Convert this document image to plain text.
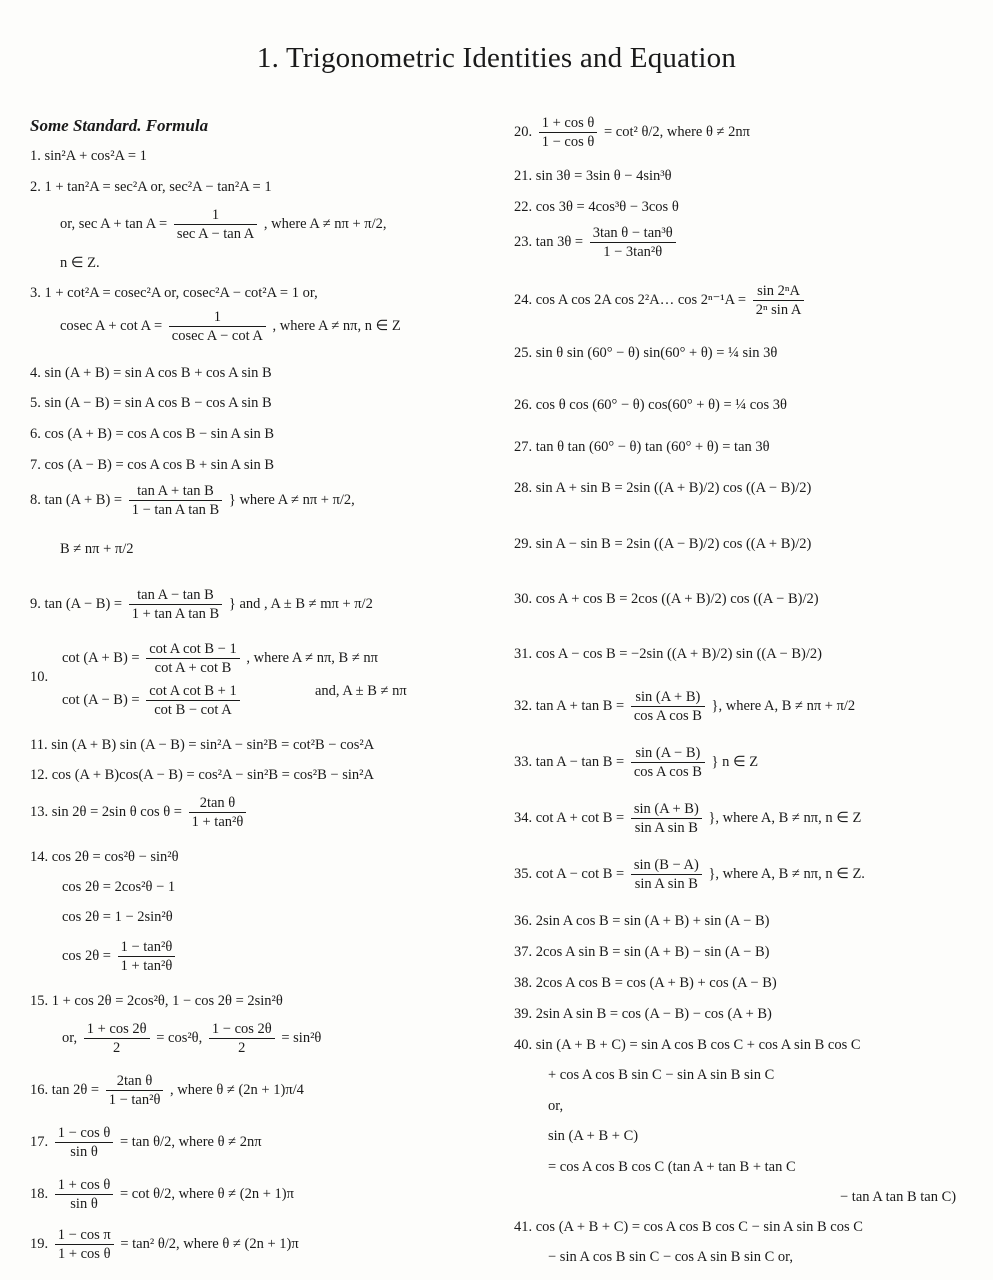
1. Trigonometric Identities and Equation
Some Standard. Formula
1. sin²A + cos²A = 1
2. 1 + tan²A = sec²A or, sec²A − tan²A = 1
or, sec A + tan A =
1
sec A − tan A
, where A ≠ nπ + π/2,
n ∈ Z.
3. 1 + cot²A = cosec²A or, cosec²A − cot²A = 1 or,
cosec $A + \cot A = \frac{1}{\text{cosec A − cot A}}$ , where A ≠ nπ, n ∈ Z
4. sin (A + B) = sin A cos B + cos A sin B
5. sin (A − B) = sin A cos B − cos A sin B
6. cos (A + B) = cos A cos B − sin A sin B
7. cos (A − B) = cos A cos B + sin A sin B
8. $\tan (A + B) = \frac{\text{tan A + tan B}}{\text{1 − tan A tan B}}$ } where A ≠ nπ + π/2,
B ≠ nπ + π/2
9. $\tan (A - B) = \frac{\text{tan A − tan B}}{\text{1 + tan A tan B}}$ } and , A ± B ≠ mπ + π/2
10.
$\cot (A + B) = \frac{\text{cot A cot B − 1}}{\text{cot A + cot B}}$ , where A ≠ nπ, B ≠ nπ
$\cot (A - B) = \frac{\text{cot A cot B + 1}}{\text{cot B − cot A}}$	and, A ± B ≠ nπ
11. sin (A + B) sin (A − B) = sin²A − sin²B = cot²B − cos²A
12. cos (A + B)cos(A − B) = cos²A − sin²B = cos²B − sin²A
13. sin 2θ = 2sin θ $\cos \theta = \frac{\text{2tan θ}}{\text{1 + tan²θ}}$
14. cos 2θ = cos²θ − sin²θ
cos 2θ = 2cos²θ − 1
cos 2θ = 1 − 2sin²θ
$\cos 2\theta = \frac{\text{1 − tan²θ}}{\text{1 + tan²θ}}$
15. 1 + cos 2θ = 2cos²θ, 1 − cos 2θ = 2sin²θ
or, $\frac{1 + \cos 2\theta}{2} = \cos^2\theta$, $\frac{1 - \cos 2\theta}{2} = \sin^2\theta$
16. $\tan 2\theta = \frac{\text{2tan θ}}{\text{1 − tan²θ}}$ , where θ ≠ (2n + 1)π/4
17. $\frac{\text{1 − cos θ}}{\text{sin θ}} = \tan \theta/2$, where θ ≠ 2nπ
18. $\frac{\text{1 + cos θ}}{\text{sin θ}} = \cot \theta/2$, where θ ≠ (2n + 1)π
19. $\frac{\text{1 − cos π}}{\text{1 + cos θ}} = \tan^2$ θ/2, where θ ≠ (2n + 1)π
20. $\frac{\text{1 + cos θ}}{\text{1 − cos θ}} = \cot^2$ θ/2, where θ ≠ 2nπ
21. sin 3θ = 3sin θ − 4sin³θ
22. cos 3θ = 4cos³θ − 3cos θ
23. $\tan 3\theta = \frac{\text{3tan θ − tan³θ}}{\text{1 − 3tan²θ}}$
24. cos A cos 2A cos 2²A… $\cos 2^{n-1}A = \frac{\text{sin 2ⁿA}}{\text{2ⁿ sin A}}$
25. sin θ sin (60° − θ) sin(60° + θ) = ¼ sin 3θ
26. cos θ cos (60° − θ) cos(60° + θ) = ¼ cos 3θ
27. tan θ tan (60° − θ) tan (60° + θ) = tan 3θ
28. sin A + sin B = 2sin ((A + B)/2) cos ((A − B)/2)
29. sin A − sin B = 2sin ((A − B)/2) cos ((A + B)/2)
30. cos A + cos B = 2cos ((A + B)/2) cos ((A − B)/2)
31. cos A − cos B = −2sin ((A + B)/2) sin ((A − B)/2)
32. $\tan A + \tan B = \frac{\sin (A + B)}{\text{cos A cos B}}$ }, where A, B ≠ nπ + π/2
33. $\tan A - \tan B = \frac{\sin (A - B)}{\text{cos A cos B}}$ } n ∈ Z
34. $\cot A + \cot B = \frac{\sin (A + B)}{\text{sin A sin B}}$ }, where A, B ≠ nπ, n ∈ Z
35. $\cot A - \cot B = \frac{\sin (B - A)}{\text{sin A sin B}}$ }, where A, B ≠ nπ, n ∈ Z.
36. 2sin A cos B = sin (A + B) + sin (A − B)
37. 2cos A sin B = sin (A + B) − sin (A − B)
38. 2cos A cos B = cos (A + B) + cos (A − B)
39. 2sin A sin B = cos (A − B) − cos (A + B)
40. sin (A + B + C) = sin A cos B cos C + cos A sin B cos C
+ cos A cos B sin C − sin A sin B sin C
or,
sin (A + B + C)
= cos A cos B cos C (tan A + tan B + tan C
− tan A tan B tan C)
41. cos (A + B + C) = cos A cos B cos C − sin A sin B cos C
− sin A cos B sin C − cos A sin B sin C or,
